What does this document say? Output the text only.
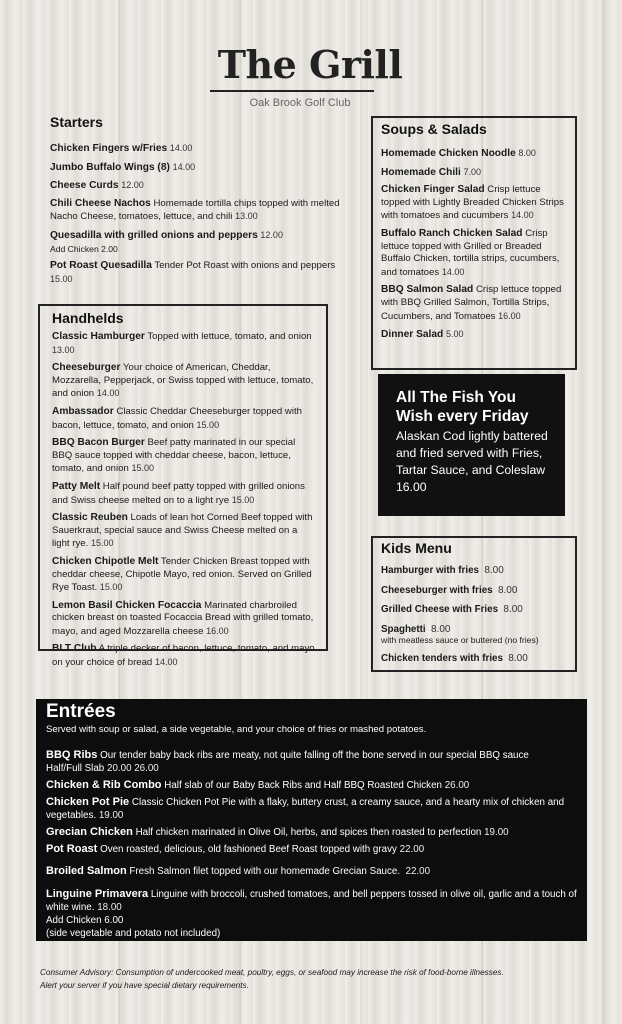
The Grill
Oak Brook Golf Club
Starters
Chicken Fingers w/Fries 14.00
Jumbo Buffalo Wings (8) 14.00
Cheese Curds 12.00
Chili Cheese Nachos Homemade tortilla chips topped with melted Nacho Cheese, tomatoes, lettuce, and chili 13.00
Quesadilla with grilled onions and peppers 12.00
Add Chicken 2.00
Pot Roast Quesadilla Tender Pot Roast with onions and peppers 15.00
Soups & Salads
Homemade Chicken Noodle 8.00
Homemade Chili 7.00
Chicken Finger Salad Crisp lettuce topped with Lightly Breaded Chicken Strips with tomatoes and cucumbers 14.00
Buffalo Ranch Chicken Salad Crisp lettuce topped with Grilled or Breaded Buffalo Chicken, tortilla strips, cucumbers, and tomatoes 14.00
BBQ Salmon Salad Crisp lettuce topped with BBQ Grilled Salmon, Tortilla Strips, Cucumbers, and Tomatoes 16.00
Dinner Salad 5.00
Handhelds
Classic Hamburger Topped with lettuce, tomato, and onion 13.00
Cheeseburger Your choice of American, Cheddar, Mozzarella, Pepperjack, or Swiss topped with lettuce, tomato, and onion 14.00
Ambassador Classic Cheddar Cheeseburger topped with bacon, lettuce, tomato, and onion 15.00
BBQ Bacon Burger Beef patty marinated in our special BBQ sauce topped with cheddar cheese, bacon, lettuce, tomato, and onion 15.00
Patty Melt Half pound beef patty topped with grilled onions and Swiss cheese melted on to a light rye 15.00
Classic Reuben Loads of lean hot Corned Beef topped with Sauerkraut, special sauce and Swiss Cheese melted on a light rye. 15.00
Chicken Chipotle Melt Tender Chicken Breast topped with cheddar cheese, Chipotle Mayo, red onion. Served on Grilled Rye Toast. 15.00
Lemon Basil Chicken Focaccia Marinated charbroiled chicken breast on toasted Focaccia Bread with grilled tomato, mayo, and aged Mozzarella cheese 16.00
BLT Club A triple decker of bacon, lettuce, tomato, and mayo on your choice of bread 14.00
All The Fish You Wish every Friday
Alaskan Cod lightly battered and fried served with Fries, Tartar Sauce, and Coleslaw 16.00
Kids Menu
Hamburger with fries 8.00
Cheeseburger with fries 8.00
Grilled Cheese with Fries 8.00
Spaghetti 8.00
with meatless sauce or buttered (no fries)
Chicken tenders with fries 8.00
Entrées
Served with soup or salad, a side vegetable, and your choice of fries or mashed potatoes.
BBQ Ribs Our tender baby back ribs are meaty, not quite falling off the bone served in our special BBQ sauce
Half/Full Slab 20.00 26.00
Chicken & Rib Combo Half slab of our Baby Back Ribs and Half BBQ Roasted Chicken 26.00
Chicken Pot Pie Classic Chicken Pot Pie with a flaky, buttery crust, a creamy sauce, and a hearty mix of chicken and vegetables. 19.00
Grecian Chicken Half chicken marinated in Olive Oil, herbs, and spices then roasted to perfection 19.00
Pot Roast Oven roasted, delicious, old fashioned Beef Roast topped with gravy 22.00
Broiled Salmon Fresh Salmon filet topped with our homemade Grecian Sauce. 22.00
Linguine Primavera Linguine with broccoli, crushed tomatoes, and bell peppers tossed in olive oil, garlic and a touch of white wine. 18.00
Add Chicken 6.00
(side vegetable and potato not included)
Consumer Advisory: Consumption of undercooked meat, poultry, eggs, or seafood may increase the risk of food-borne illnesses.
Alert your server if you have special dietary requirements.
